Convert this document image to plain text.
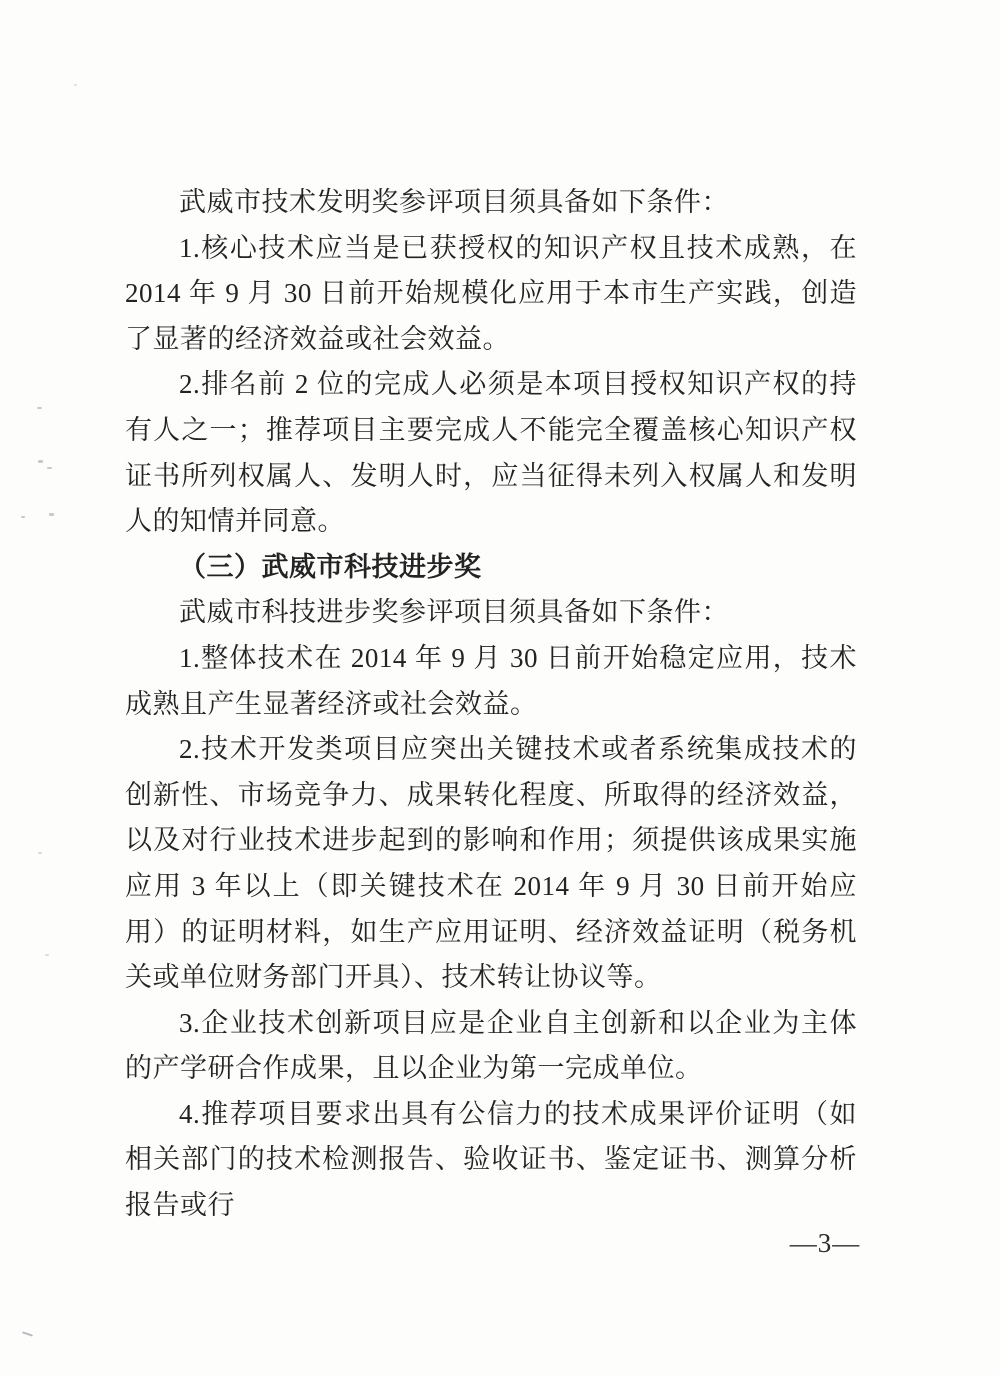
武威市技术发明奖参评项目须具备如下条件：

1.核心技术应当是已获授权的知识产权且技术成熟，在 2014 年 9 月 30 日前开始规模化应用于本市生产实践，创造了显著的经济效益或社会效益。

2.排名前 2 位的完成人必须是本项目授权知识产权的持有人之一；推荐项目主要完成人不能完全覆盖核心知识产权证书所列权属人、发明人时，应当征得未列入权属人和发明人的知情并同意。

（三）武威市科技进步奖

武威市科技进步奖参评项目须具备如下条件：

1.整体技术在 2014 年 9 月 30 日前开始稳定应用，技术成熟且产生显著经济或社会效益。

2.技术开发类项目应突出关键技术或者系统集成技术的创新性、市场竞争力、成果转化程度、所取得的经济效益，以及对行业技术进步起到的影响和作用；须提供该成果实施应用 3 年以上（即关键技术在 2014 年 9 月 30 日前开始应用）的证明材料，如生产应用证明、经济效益证明（税务机关或单位财务部门开具）、技术转让协议等。

3.企业技术创新项目应是企业自主创新和以企业为主体的产学研合作成果，且以企业为第一完成单位。

4.推荐项目要求出具有公信力的技术成果评价证明（如相关部门的技术检测报告、验收证书、鉴定证书、测算分析报告或行

—3—
